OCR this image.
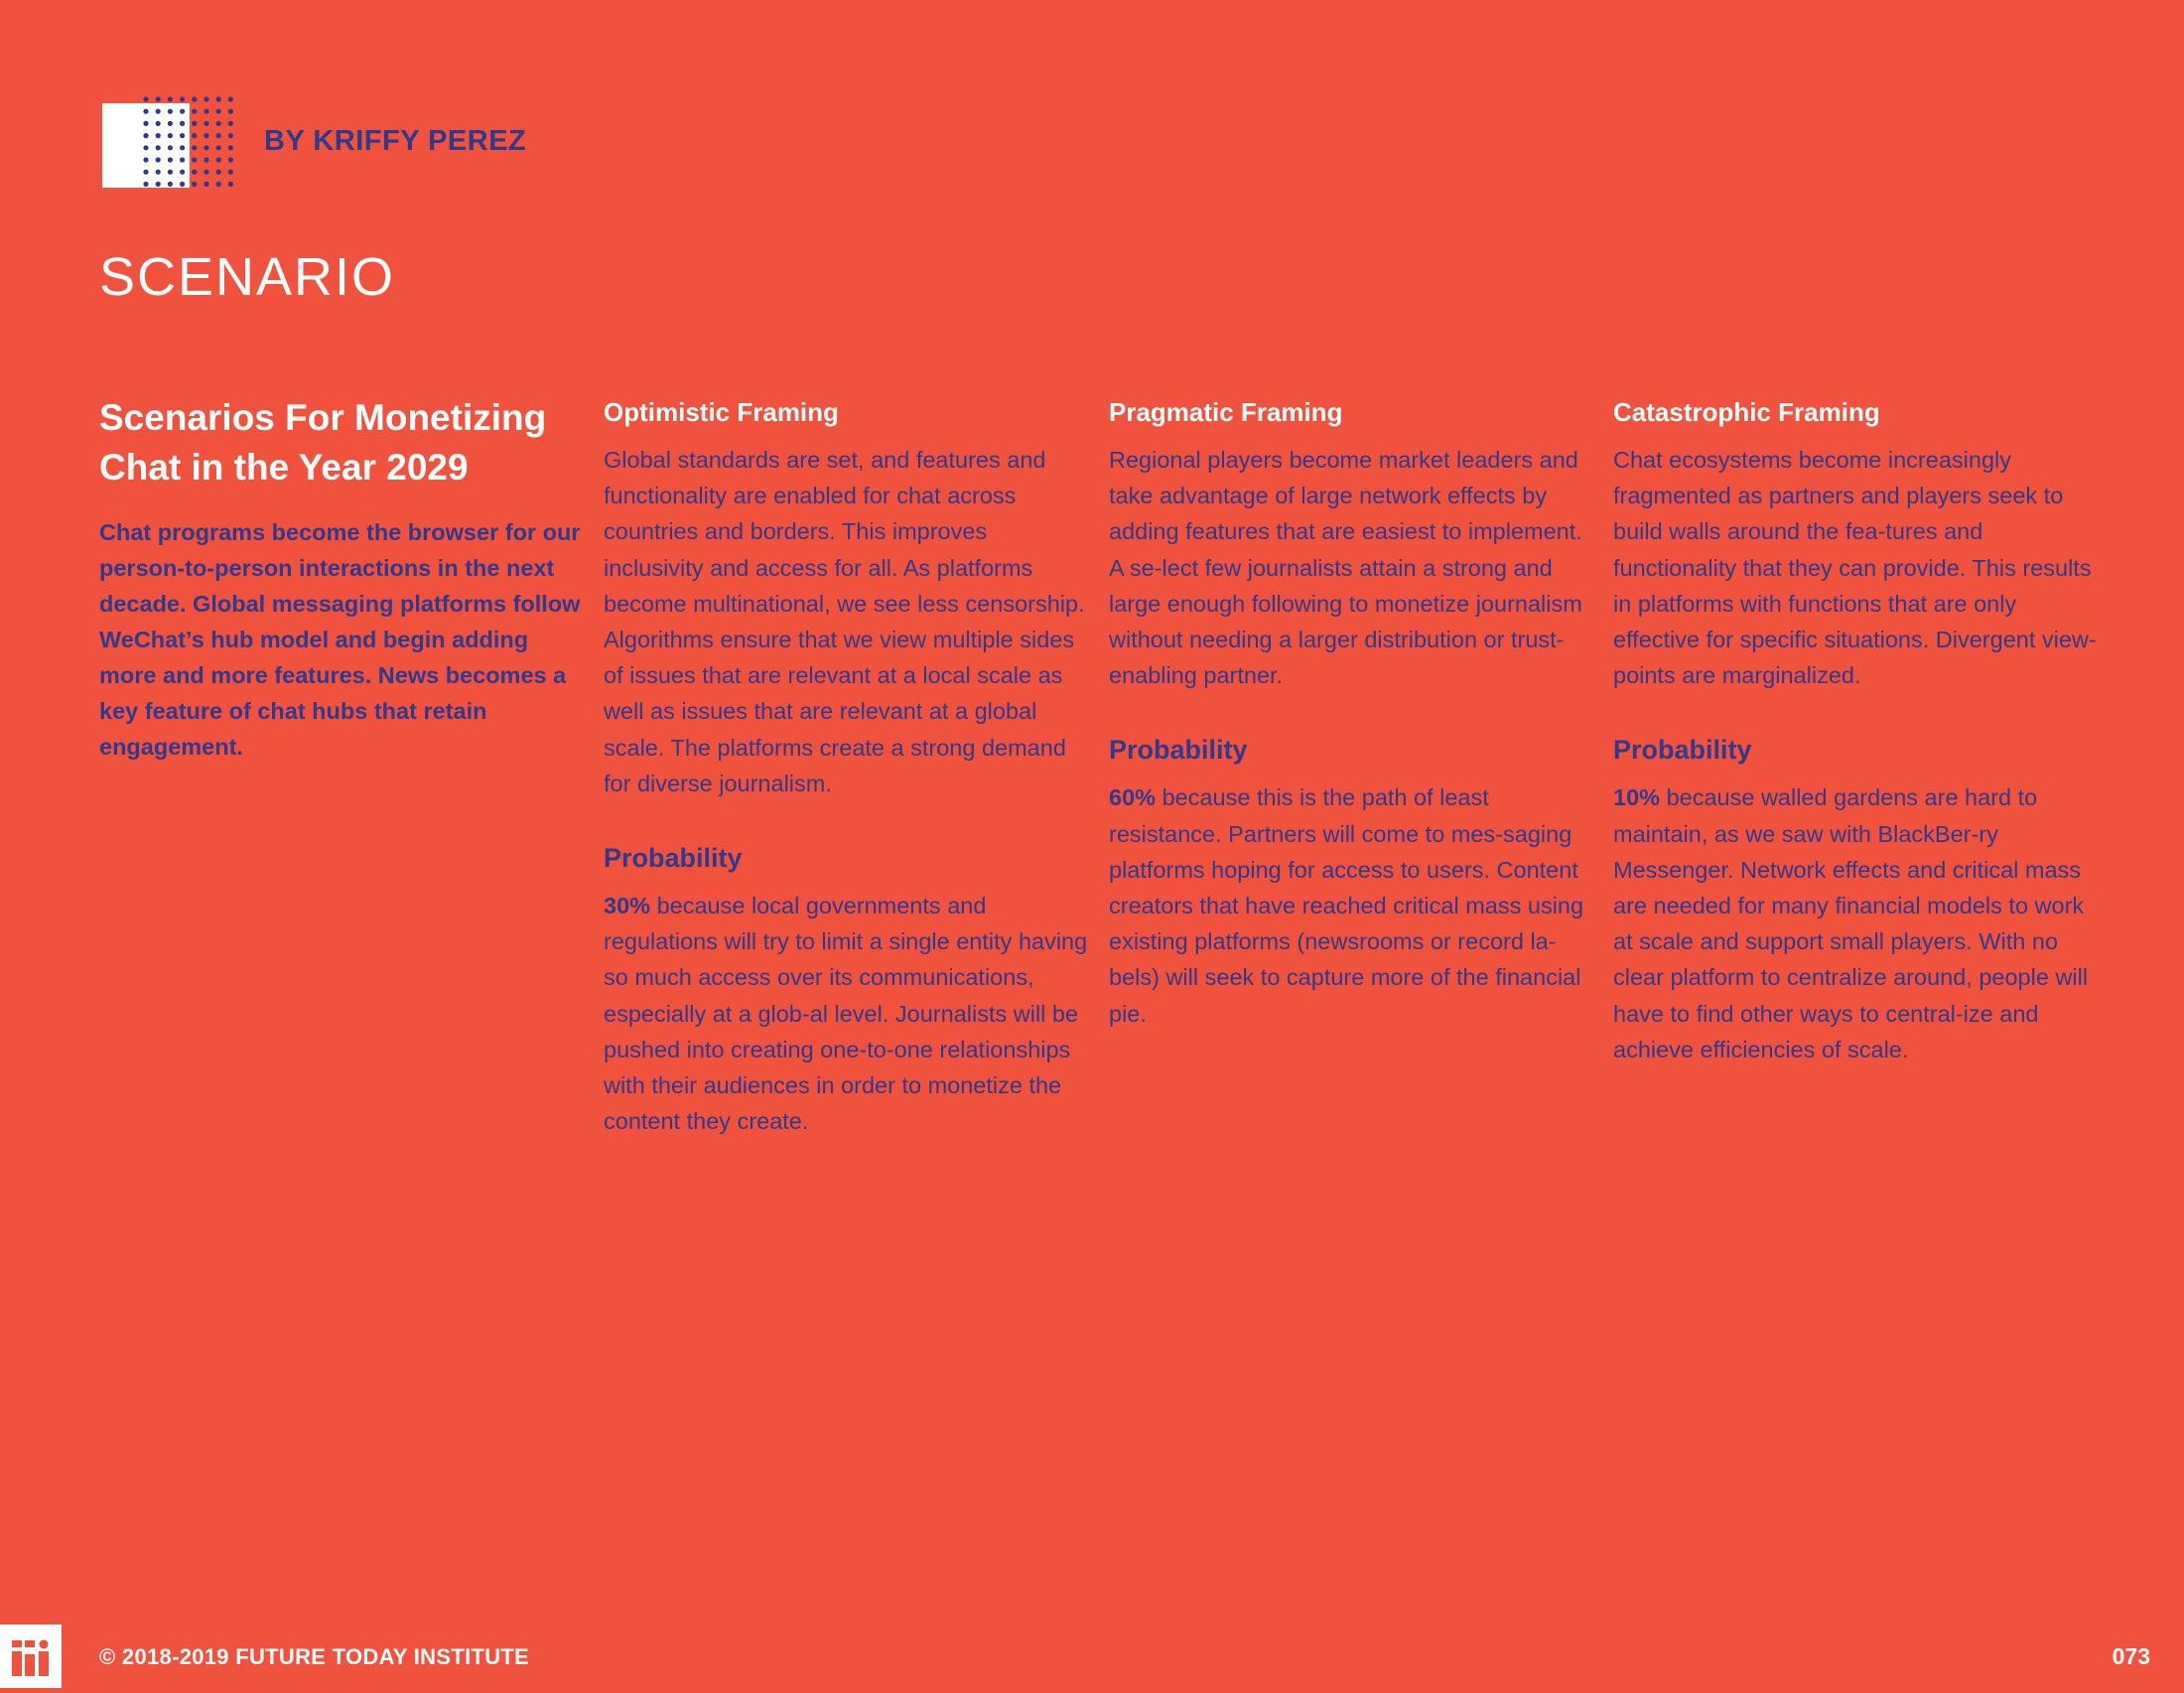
BY KRIFFY PEREZ
SCENARIO
Scenarios For Monetizing Chat in the Year 2029

Chat programs become the browser for our person-to-person interactions in the next decade. Global messaging platforms follow WeChat’s hub model and begin adding more and more features. News becomes a key feature of chat hubs that retain engagement.

Optimistic Framing

Global standards are set, and features and functionality are enabled for chat across countries and borders. This improves inclusivity and access for all. As platforms become multinational, we see less censorship. Algorithms ensure that we view multiple sides of issues that are relevant at a local scale as well as issues that are relevant at a global scale. The platforms create a strong demand for diverse journalism.

Probability

30% because local governments and regulations will try to limit a single entity having so much access over its communications, especially at a glob-al level. Journalists will be pushed into creating one-to-one relationships with their audiences in order to monetize the content they create.

Pragmatic Framing

Regional players become market leaders and take advantage of large network effects by adding features that are easiest to implement. A se-lect few journalists attain a strong and large enough following to monetize journalism without needing a larger distribution or trust-enabling partner.

Probability

60% because this is the path of least resistance. Partners will come to mes-saging platforms hoping for access to users. Content creators that have reached critical mass using existing platforms (newsrooms or record la-bels) will seek to capture more of the financial pie.

Catastrophic Framing

Chat ecosystems become increasingly fragmented as partners and players seek to build walls around the fea-tures and functionality that they can provide. This results in platforms with functions that are only effective for specific situations. Divergent view-points are marginalized.

Probability

10% because walled gardens are hard to maintain, as we saw with BlackBer-ry Messenger. Network effects and critical mass are needed for many financial models to work at scale and support small players. With no clear platform to centralize around, people will have to find other ways to central-ize and achieve efficiencies of scale.

© 2018-2019 FUTURE TODAY INSTITUTE	073
